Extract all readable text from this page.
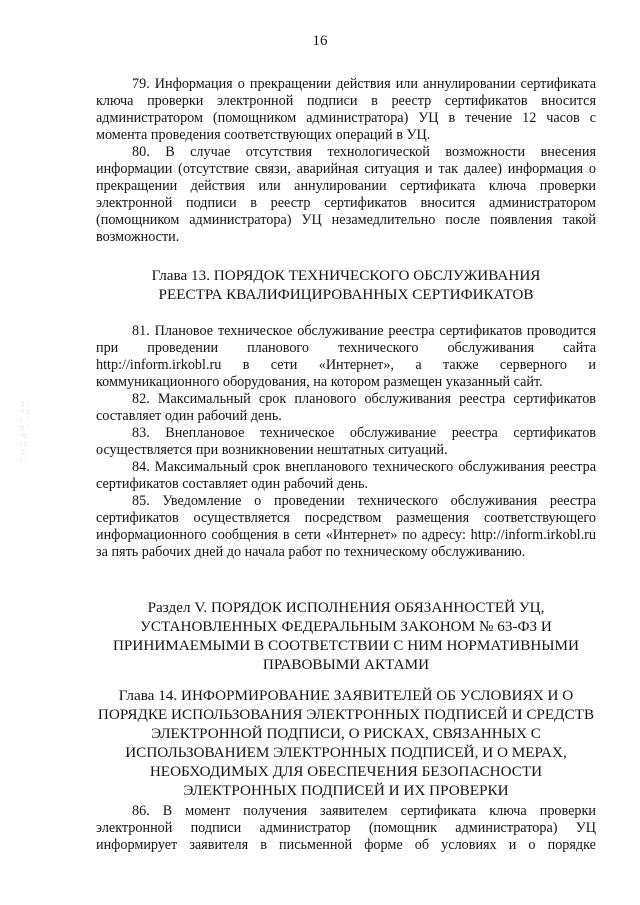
16

79. Информация о прекращении действия или аннулировании сертификата ключа проверки электронной подписи в реестр сертификатов вносится администратором (помощником администратора) УЦ в течение 12 часов с момента проведения соответствующих операций в УЦ.

80. В случае отсутствия технологической возможности внесения информации (отсутствие связи, аварийная ситуация и так далее) информация о прекращении действия или аннулировании сертификата ключа проверки электронной подписи в реестр сертификатов вносится администратором (помощником администратора) УЦ незамедлительно после появления такой возможности.

Глава 13. ПОРЯДОК ТЕХНИЧЕСКОГО ОБСЛУЖИВАНИЯ РЕЕСТРА КВАЛИФИЦИРОВАННЫХ СЕРТИФИКАТОВ

81. Плановое техническое обслуживание реестра сертификатов проводится при проведении планового технического обслуживания сайта http://inform.irkobl.ru в сети «Интернет», а также серверного и коммуникационного оборудования, на котором размещен указанный сайт.

82. Максимальный срок планового обслуживания реестра сертификатов составляет один рабочий день.

83. Внеплановое техническое обслуживание реестра сертификатов осуществляется при возникновении нештатных ситуаций.

84. Максимальный срок внепланового технического обслуживания реестра сертификатов составляет один рабочий день.

85. Уведомление о проведении технического обслуживания реестра сертификатов осуществляется посредством размещения соответствующего информационного сообщения в сети «Интернет» по адресу: http://inform.irkobl.ru за пять рабочих дней до начала работ по техническому обслуживанию.

Раздел V. ПОРЯДОК ИСПОЛНЕНИЯ ОБЯЗАННОСТЕЙ УЦ, УСТАНОВЛЕННЫХ ФЕДЕРАЛЬНЫМ ЗАКОНОМ № 63-ФЗ И ПРИНИМАЕМЫМИ В СООТВЕТСТВИИ С НИМ НОРМАТИВНЫМИ ПРАВОВЫМИ АКТАМИ

Глава 14. ИНФОРМИРОВАНИЕ ЗАЯВИТЕЛЕЙ ОБ УСЛОВИЯХ И О ПОРЯДКЕ ИСПОЛЬЗОВАНИЯ ЭЛЕКТРОННЫХ ПОДПИСЕЙ И СРЕДСТВ ЭЛЕКТРОННОЙ ПОДПИСИ, О РИСКАХ, СВЯЗАННЫХ С ИСПОЛЬЗОВАНИЕМ ЭЛЕКТРОННЫХ ПОДПИСЕЙ, И О МЕРАХ, НЕОБХОДИМЫХ ДЛЯ ОБЕСПЕЧЕНИЯ БЕЗОПАСНОСТИ ЭЛЕКТРОННЫХ ПОДПИСЕЙ И ИХ ПРОВЕРКИ

86. В момент получения заявителем сертификата ключа проверки электронной подписи администратор (помощник администратора) УЦ информирует заявителя в письменной форме об условиях и о порядке

·: ·
· :
·  ·
:· ·
·:
· :
:·
· ·
